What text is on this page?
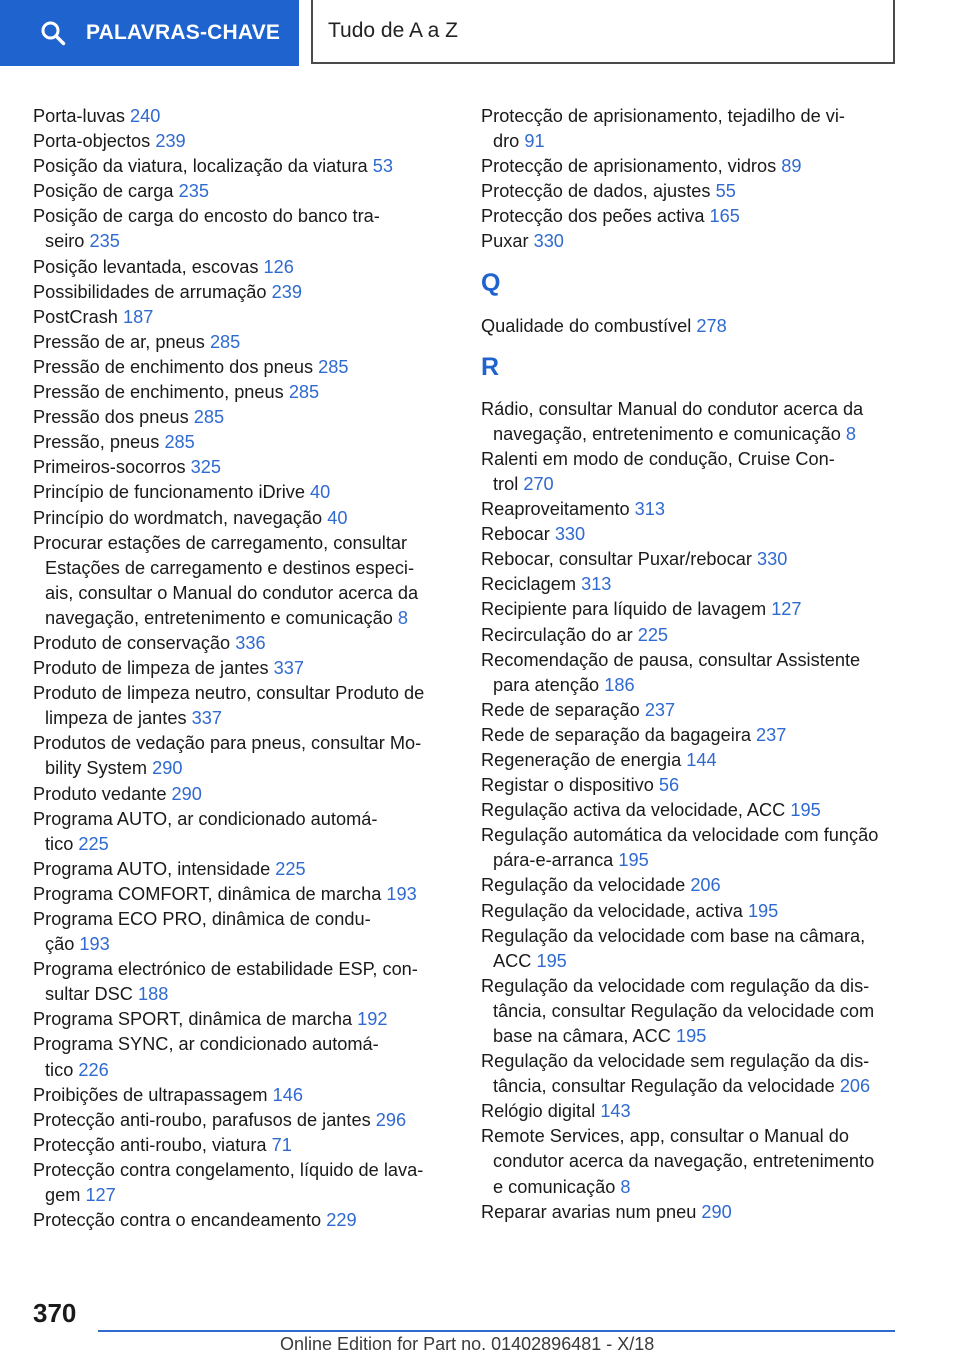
PALAVRAS-CHAVE Tudo de A a Z
Porta-luvas 240
Porta-objectos 239
Posição da viatura, localização da viatura 53
Posição de carga 235
Posição de carga do encosto do banco tra-
seiro 235
Posição levantada, escovas 126
Possibilidades de arrumação 239
PostCrash 187
Pressão de ar, pneus 285
Pressão de enchimento dos pneus 285
Pressão de enchimento, pneus 285
Pressão dos pneus 285
Pressão, pneus 285
Primeiros-socorros 325
Princípio de funcionamento iDrive 40
Princípio do wordmatch, navegação 40
Procurar estações de carregamento, consultar
Estações de carregamento e destinos especi-
ais, consultar o Manual do condutor acerca da
navegação, entretenimento e comunicação 8
Produto de conservação 336
Produto de limpeza de jantes 337
Produto de limpeza neutro, consultar Produto de
limpeza de jantes 337
Produtos de vedação para pneus, consultar Mo-
bility System 290
Produto vedante 290
Programa AUTO, ar condicionado automá-
tico 225
Programa AUTO, intensidade 225
Programa COMFORT, dinâmica de marcha 193
Programa ECO PRO, dinâmica de condu-
ção 193
Programa electrónico de estabilidade ESP, con-
sultar DSC 188
Programa SPORT, dinâmica de marcha 192
Programa SYNC, ar condicionado automá-
tico 226
Proibições de ultrapassagem 146
Protecção anti-roubo, parafusos de jantes 296
Protecção anti-roubo, viatura 71
Protecção contra congelamento, líquido de lava-
gem 127
Protecção contra o encandeamento 229
Protecção de aprisionamento, tejadilho de vi-
dro 91
Protecção de aprisionamento, vidros 89
Protecção de dados, ajustes 55
Protecção dos peões activa 165
Puxar 330
Q
Qualidade do combustível 278
R
Rádio, consultar Manual do condutor acerca da
navegação, entretenimento e comunicação 8
Ralenti em modo de condução, Cruise Con-
trol 270
Reaproveitamento 313
Rebocar 330
Rebocar, consultar Puxar/rebocar 330
Reciclagem 313
Recipiente para líquido de lavagem 127
Recirculação do ar 225
Recomendação de pausa, consultar Assistente
para atenção 186
Rede de separação 237
Rede de separação da bagageira 237
Regeneração de energia 144
Registar o dispositivo 56
Regulação activa da velocidade, ACC 195
Regulação automática da velocidade com função
pára-e-arranca 195
Regulação da velocidade 206
Regulação da velocidade, activa 195
Regulação da velocidade com base na câmara,
ACC 195
Regulação da velocidade com regulação da dis-
tância, consultar Regulação da velocidade com
base na câmara, ACC 195
Regulação da velocidade sem regulação da dis-
tância, consultar Regulação da velocidade 206
Relógio digital 143
Remote Services, app, consultar o Manual do
condutor acerca da navegação, entretenimento
e comunicação 8
Reparar avarias num pneu 290
370
Online Edition for Part no. 01402896481 - X/18
